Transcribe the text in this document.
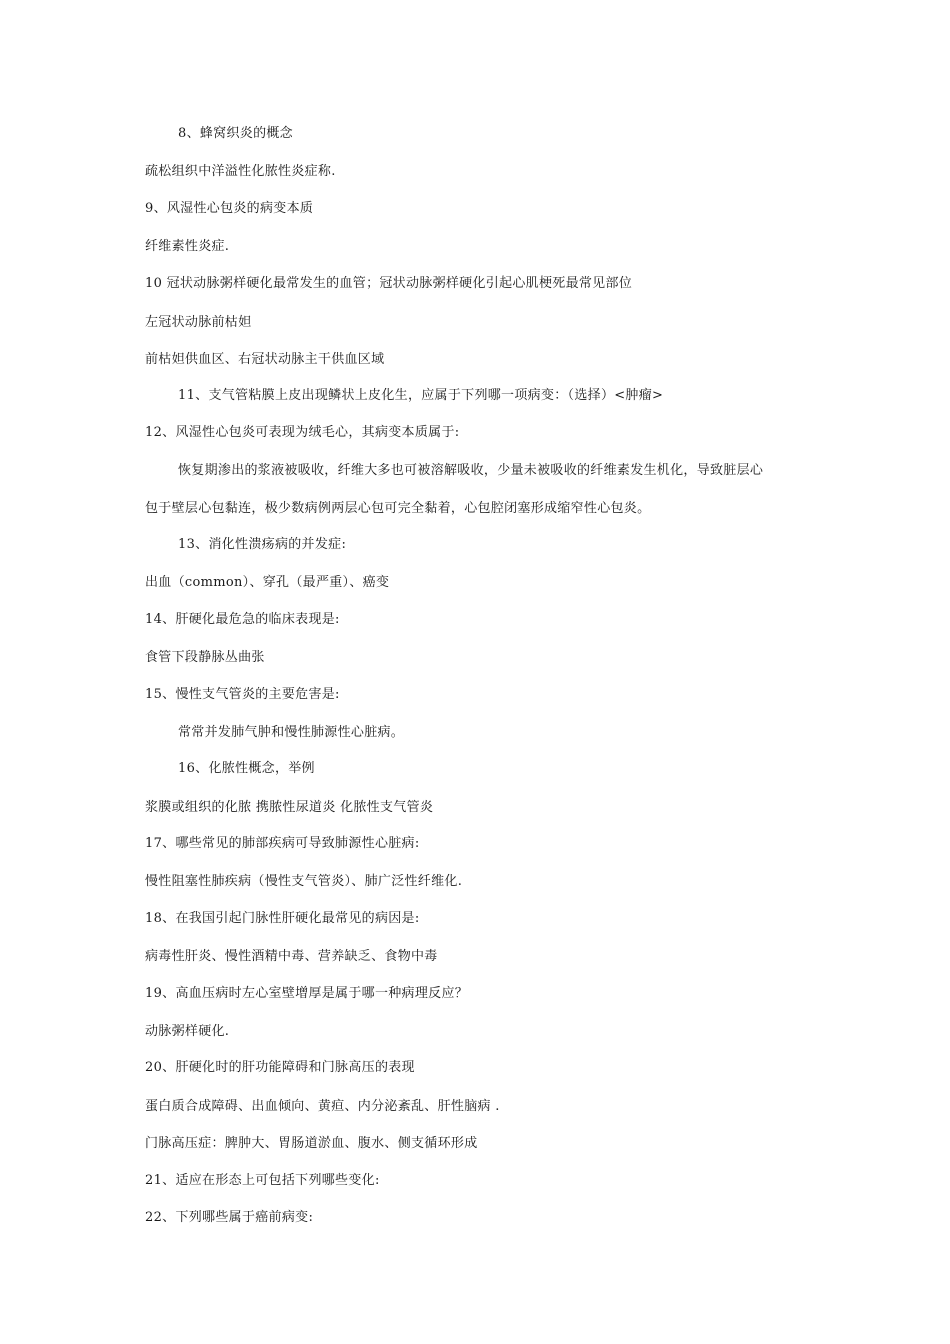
8、蜂窝织炎的概念
疏松组织中洋溢性化脓性炎症称.
9、风湿性心包炎的病变本质
纤维素性炎症.
10 冠状动脉粥样硬化最常发生的血管；冠状动脉粥样硬化引起心肌梗死最常见部位
左冠状动脉前枯妲
前枯妲供血区、右冠状动脉主干供血区域
11、支气管粘膜上皮出现鳞状上皮化生，应属于下列哪一项病变：（选择）<肿瘤>
12、风湿性心包炎可表现为绒毛心，其病变本质属于:
恢复期渗出的浆液被吸收，纤维大多也可被溶解吸收，少量未被吸收的纤维素发生机化，导致脏层心
包于壁层心包黏连，极少数病例两层心包可完全黏着，心包腔闭塞形成缩窄性心包炎。
13、消化性溃疡病的并发症:
出血（common）、穿孔（最严重）、癌变
14、肝硬化最危急的临床表现是:
食管下段静脉丛曲张
15、慢性支气管炎的主要危害是:
常常并发肺气肿和慢性肺源性心脏病。
16、化脓性概念，举例
浆膜或组织的化脓 携脓性尿道炎 化脓性支气管炎
17、哪些常见的肺部疾病可导致肺源性心脏病:
慢性阻塞性肺疾病（慢性支气管炎）、肺广泛性纤维化.
18、在我国引起门脉性肝硬化最常见的病因是:
病毒性肝炎、慢性酒精中毒、营养缺乏、食物中毒
19、高血压病时左心室壁增厚是属于哪一种病理反应？
动脉粥样硬化.
20、肝硬化时的肝功能障碍和门脉高压的表现
蛋白质合成障碍、出血倾向、黄疸、内分泌紊乱、肝性脑病 .
门脉高压症：脾肿大、胃肠道淤血、腹水、侧支循环形成
21、适应在形态上可包括下列哪些变化:
22、下列哪些属于癌前病变:
